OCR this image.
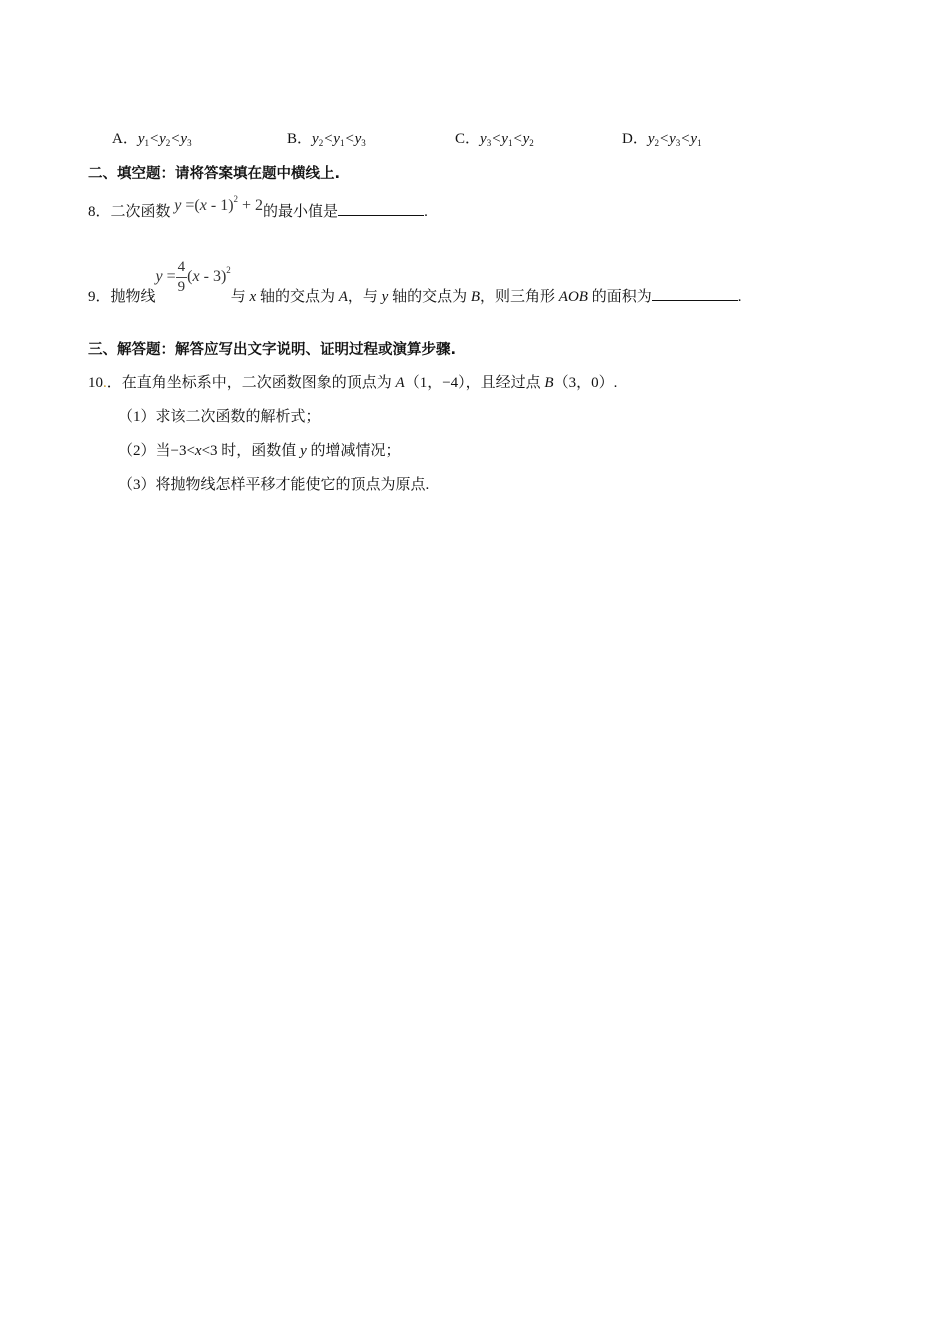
A．$y_1<y_2<y_3$	B．$y_2<y_1<y_3$	C．$y_3<y_1<y_2$	D．$y_2<y_3<y_1$
二、填空题：请将答案填在题中横线上.
8．二次函数 y =(x - 1)$^2$ + 2的最小值是	.
9．抛物线$y = \frac{4}{9} (x - 3)^2$与 x 轴的交点为 A，与 y 轴的交点为 B，则三角形 AOB 的面积为	.
三、解答题：解答应写出文字说明、证明过程或演算步骤.
10.．在直角坐标系中，二次函数图象的顶点为 A（1，−4），且经过点 B（3，0）.
（1）求该二次函数的解析式；
（2）当−3<x<3 时，函数值 y 的增减情况；
（3）将抛物线怎样平移才能使它的顶点为原点.
